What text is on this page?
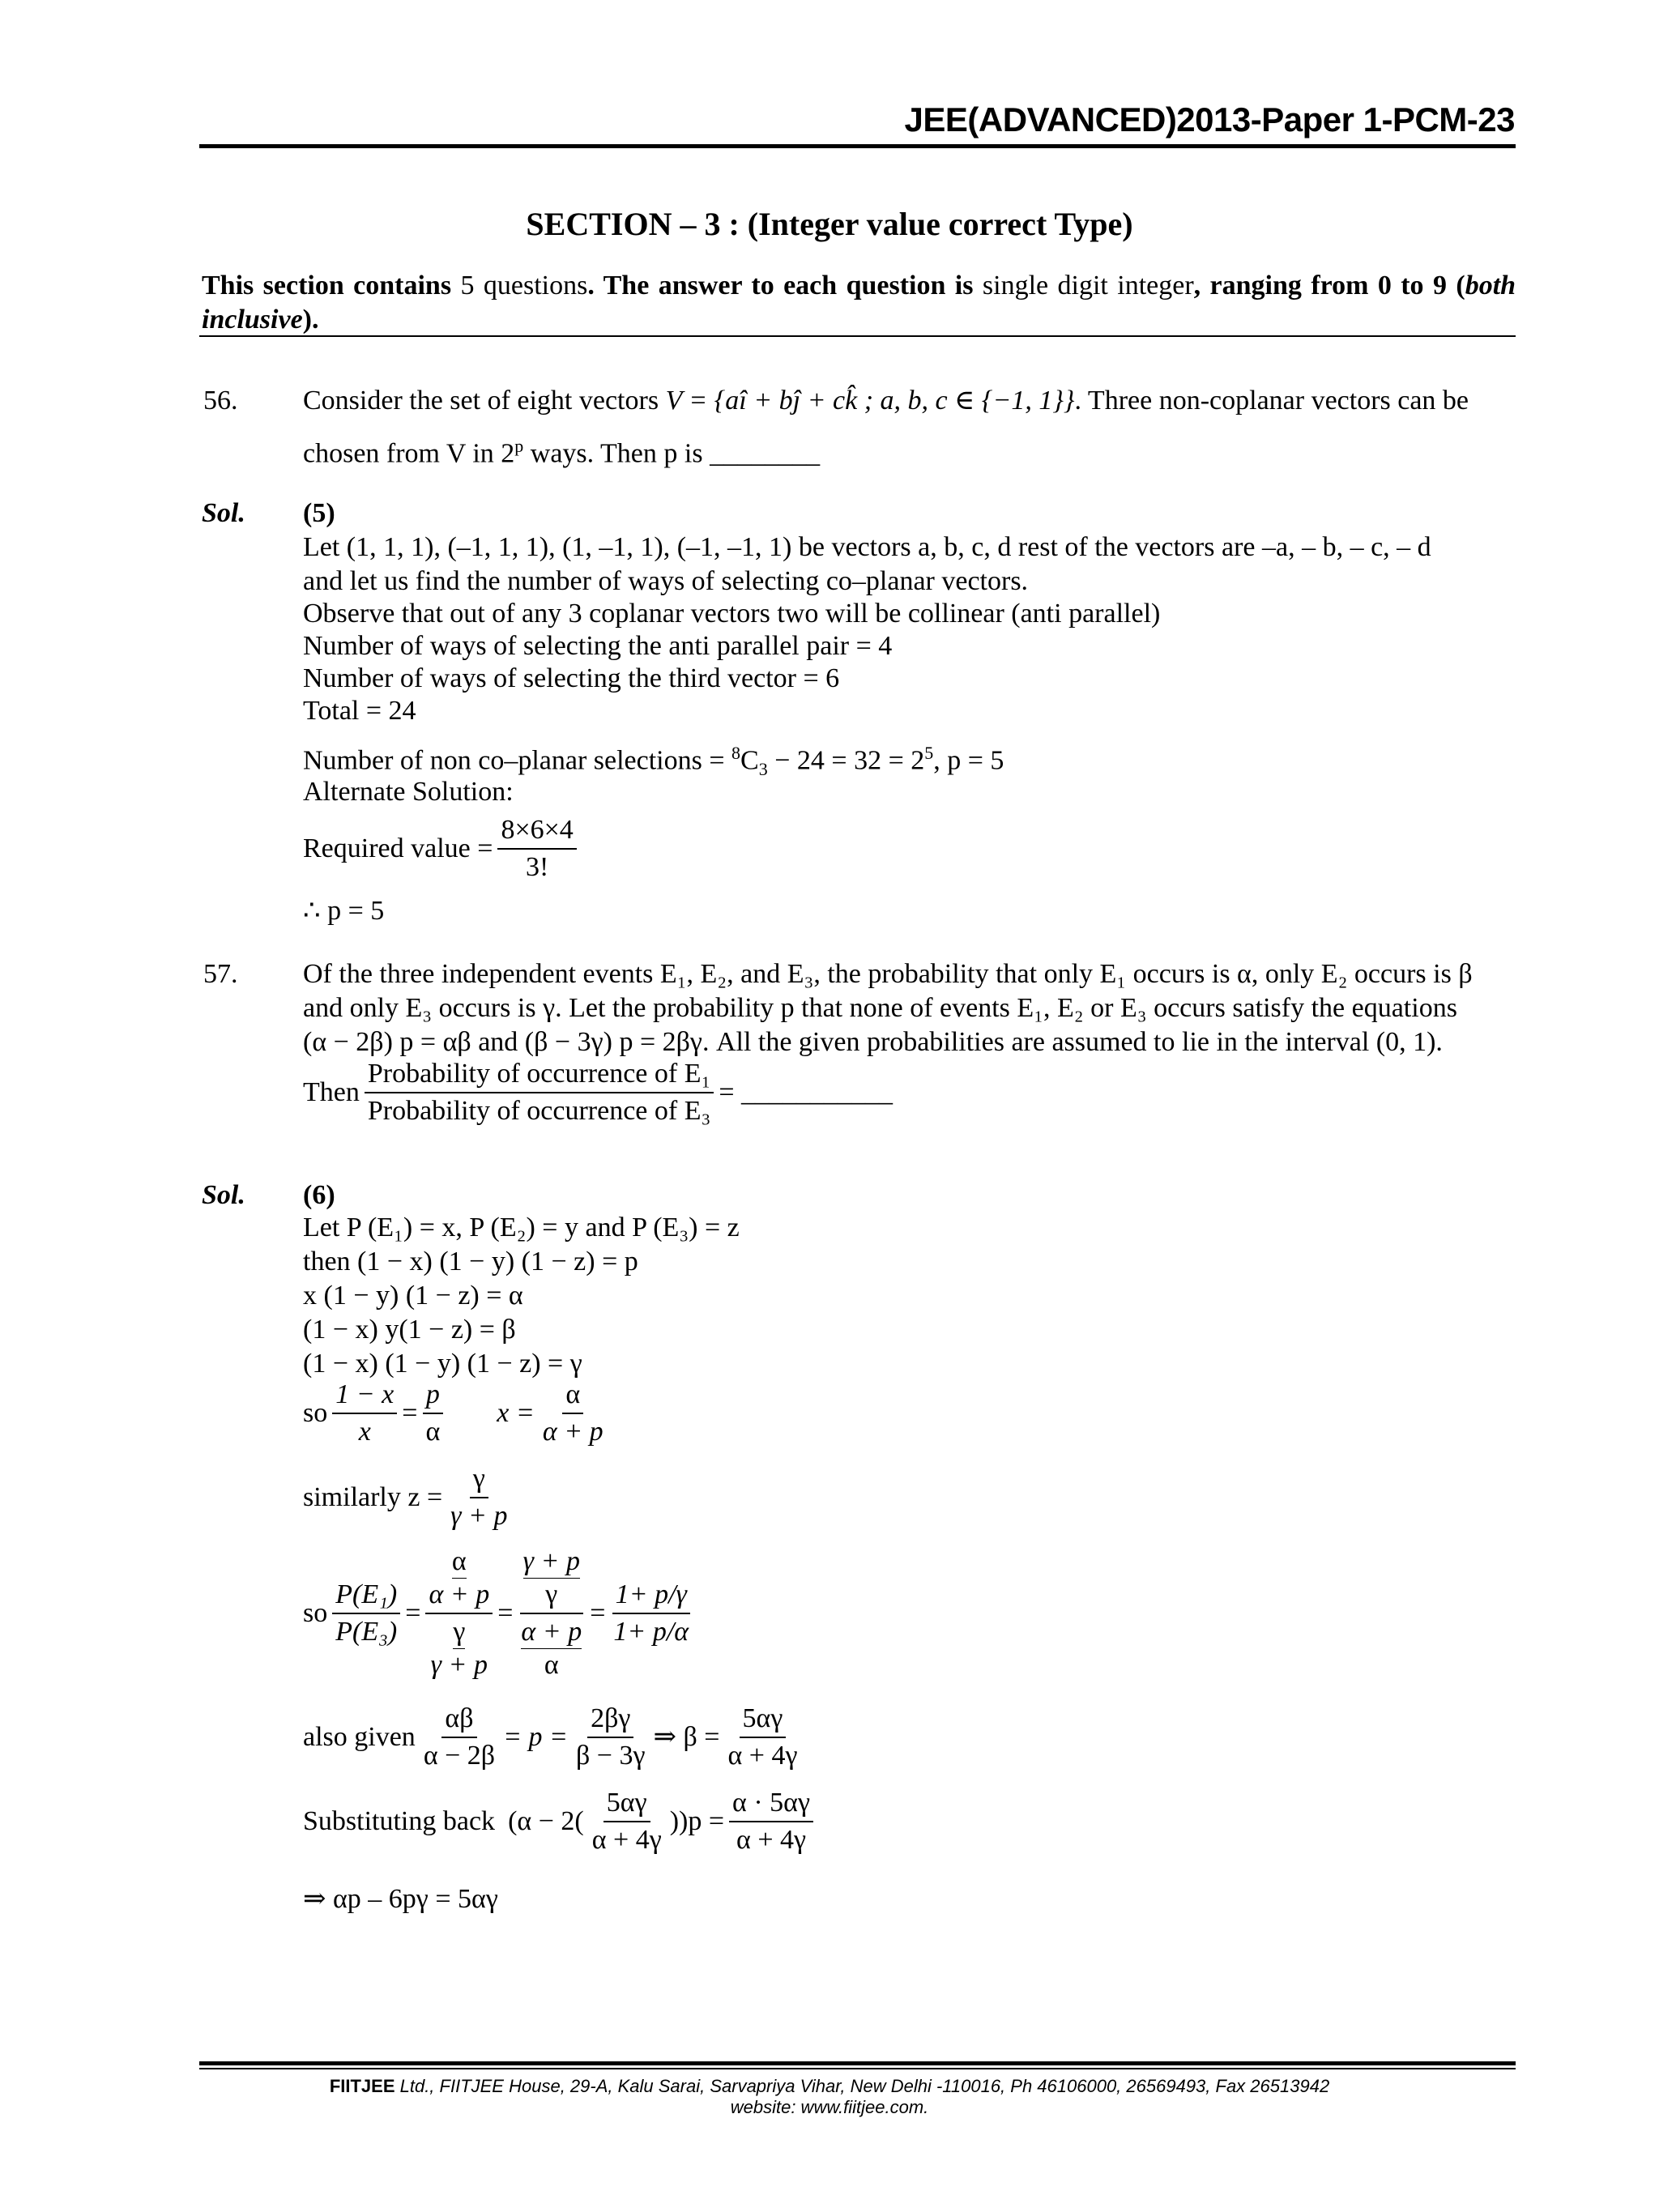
JEE(ADVANCED)2013-Paper 1-PCM-23
SECTION – 3 : (Integer value correct Type)
This section contains 5 questions. The answer to each question is single digit integer, ranging from 0 to 9 (both inclusive).
56. Consider the set of eight vectors V = {aî + bĵ + ck̂ ; a, b, c ∈ {−1, 1}}. Three non-coplanar vectors can be
chosen from V in 2$^p$ ways. Then p is ________
Sol. (5)
Let (1, 1, 1), (–1, 1, 1), (1, –1, 1), (–1, –1, 1) be vectors a, b, c, d rest of the vectors are –a, – b, – c, – d
and let us find the number of ways of selecting co–planar vectors.
Observe that out of any 3 coplanar vectors two will be collinear (anti parallel)
Number of ways of selecting the anti parallel pair = 4
Number of ways of selecting the third vector = 6
Total = 24
Number of non co–planar selections = $^8C_3 - 24 = 32 = 2^5$, p = 5
Alternate Solution:
Required value = $\frac{8\times 6\times 4}{3!}$
∴ p = 5
57. Of the three independent events E₁, E₂, and E₃, the probability that only E₁ occurs is α, only E₂ occurs is β
and only E₃ occurs is γ. Let the probability p that none of events E₁, E₂ or E₃ occurs satisfy the equations
(α − 2β) p = αβ and (β − 3γ) p = 2βγ. All the given probabilities are assumed to lie in the interval (0, 1).
Then $\frac{\text{Probability of occurrence of E₁}}{\text{Probability of occurrence of E₃}}$ = ___________
Sol. (6)
Let P (E₁) = x, P (E₂) = y and P (E₃) = z
then (1 − x) (1 − y) (1 − z) = p
x (1 − y) (1 − z) = α
(1 − x) y(1 − z) = β
(1 − x) (1 − y) (1 − z) = γ
so $\frac{1 - x}{x} = \frac{p}{\alpha}$ $x = \frac{\alpha}{\alpha + p}$
similarly $z = \frac{\gamma}{\gamma + p}$
so $\frac{\text{P(E₁)}}{\text{P(E₃)}} = \alpha$
α + p
γ
γ + p = γ + p
γ
α + p
$\alpha = \frac{1+ p/\gamma}{1+ p/\alpha}$
also given $\frac{\alpha\beta}{\alpha - 2\beta} = p = \frac{2\beta\gamma}{\beta - 3\gamma}$ ⇒ $\beta = \frac{5\alpha\gamma}{\alpha + 4\gamma}$
Substituting back $(\alpha - 2( \frac{5\alpha\gamma}{\alpha + 4\gamma} ))p = \frac{\alpha \cdot 5\alpha\gamma}{\alpha + 4\gamma}$
⇒ αp – 6pγ = 5αγ
FIITJEE Ltd., FIITJEE House, 29-A, Kalu Sarai, Sarvapriya Vihar, New Delhi -110016, Ph 46106000, 26569493, Fax 26513942
website: www.fiitjee.com.
